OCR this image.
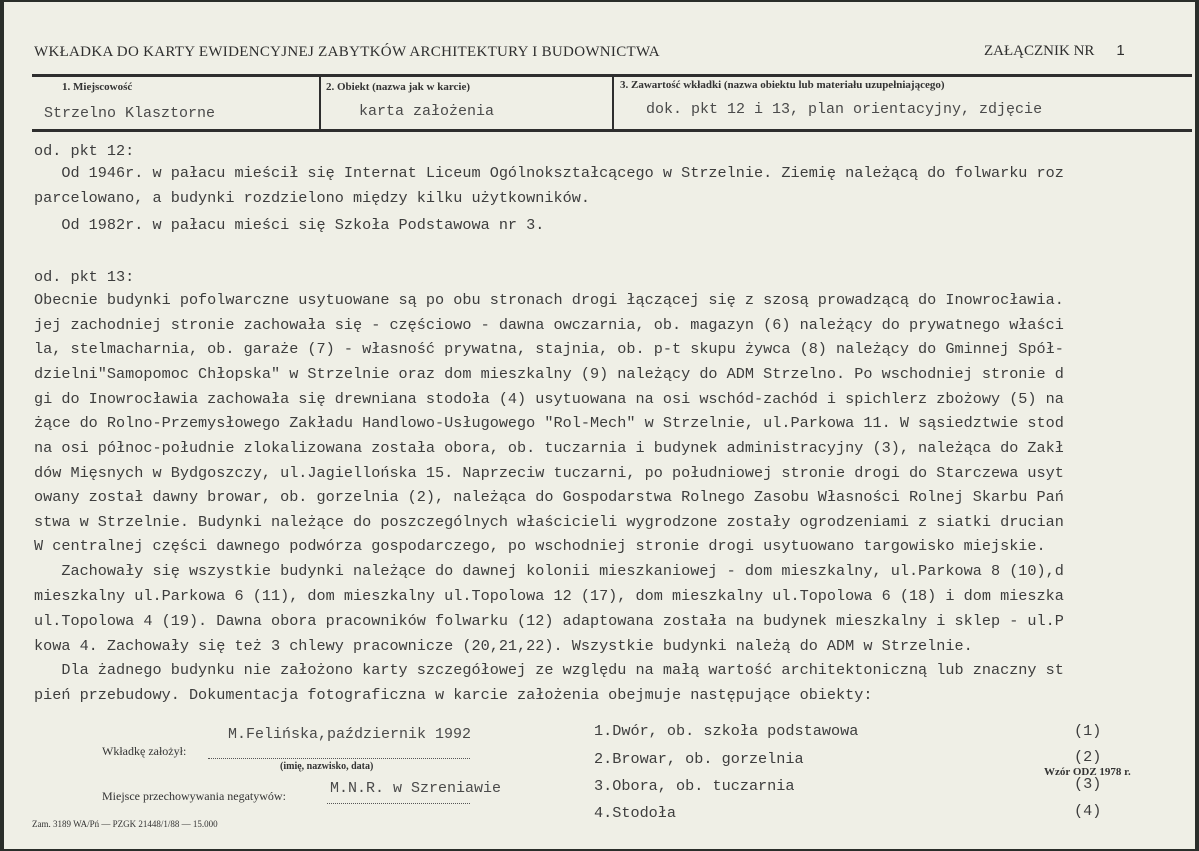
WKŁADKA DO KARTY EWIDENCYJNEJ ZABYTKÓW ARCHITEKTURY I BUDOWNICTWA	ZAŁĄCZNIK NR 1
1. Miejscowość
Strzelno Klasztorne
2. Obiekt (nazwa jak w karcie)
karta założenia
3. Zawartość wkładki (nazwa obiektu lub materiału uzupełniającego)
dok. pkt 12 i 13, plan orientacyjny, zdjęcie
od. pkt 12:
Od 1946r. w pałacu mieścił się Internat Liceum Ogólnokształcącego w Strzelnie. Ziemię należącą do folwarku roz
parcelowano, a budynki rozdzielono między kilku użytkowników.
Od 1982r. w pałacu mieści się Szkoła Podstawowa nr 3.
od. pkt 13:
Obecnie budynki pofolwarczne usytuowane są po obu stronach drogi łączącej się z szosą prowadzącą do Inowrocławia.
jej zachodniej stronie zachowała się - częściowo - dawna owczarnia, ob. magazyn (6) należący do prywatnego właści
la, stelmacharnia, ob. garaże (7) - własność prywatna, stajnia, ob. p-t skupu żywca (8) należący do Gminnej Spół-
dzielni"Samopomoc Chłopska" w Strzelnie oraz dom mieszkalny (9) należący do ADM Strzelno. Po wschodniej stronie d
gi do Inowrocławia zachowała się drewniana stodoła (4) usytuowana na osi wschód-zachód i spichlerz zbożowy (5) na
żące do Rolno-Przemysłowego Zakładu Handlowo-Usługowego "Rol-Mech" w Strzelnie, ul.Parkowa 11. W sąsiedztwie stod
na osi północ-południe zlokalizowana została obora, ob. tuczarnia i budynek administracyjny (3), należąca do Zakł
dów Mięsnych w Bydgoszczy, ul.Jagiellońska 15. Naprzeciw tuczarni, po południowej stronie drogi do Starczewa usyt
owany został dawny browar, ob. gorzelnia (2), należąca do Gospodarstwa Rolnego Zasobu Własności Rolnej Skarbu Pań
stwa w Strzelnie. Budynki należące do poszczególnych właścicieli wygrodzone zostały ogrodzeniami z siatki drucian
W centralnej części dawnego podwórza gospodarczego, po wschodniej stronie drogi usytuowano targowisko miejskie.
Zachowały się wszystkie budynki należące do dawnej kolonii mieszkaniowej - dom mieszkalny, ul.Parkowa 8 (10),d
mieszkalny ul.Parkowa 6 (11), dom mieszkalny ul.Topolowa 12 (17), dom mieszkalny ul.Topolowa 6 (18) i dom mieszka
ul.Topolowa 4 (19). Dawna obora pracowników folwarku (12) adaptowana została na budynek mieszkalny i sklep - ul.P
kowa 4. Zachowały się też 3 chlewy pracownicze (20,21,22). Wszystkie budynki należą do ADM w Strzelnie.
Dla żadnego budynku nie założono karty szczegółowej ze względu na małą wartość architektoniczną lub znaczny st
pień przebudowy. Dokumentacja fotograficzna w karcie założenia obejmuje następujące obiekty:
1.Dwór, ob. szkoła podstawowa	(1)
2.Browar, ob. gorzelnia	(2)
3.Obora, ob. tuczarnia	(3)
4.Stodoła	(4)
Wzór ODZ 1978 r.
Wkładkę założył:
M.Felińska,październik 1992
(imię, nazwisko, data)
Miejsce przechowywania negatywów:	M.N.R. w Szreniawie
Zam. 3189 WA/Pń — PZGK 21448/1/88 — 15.000
